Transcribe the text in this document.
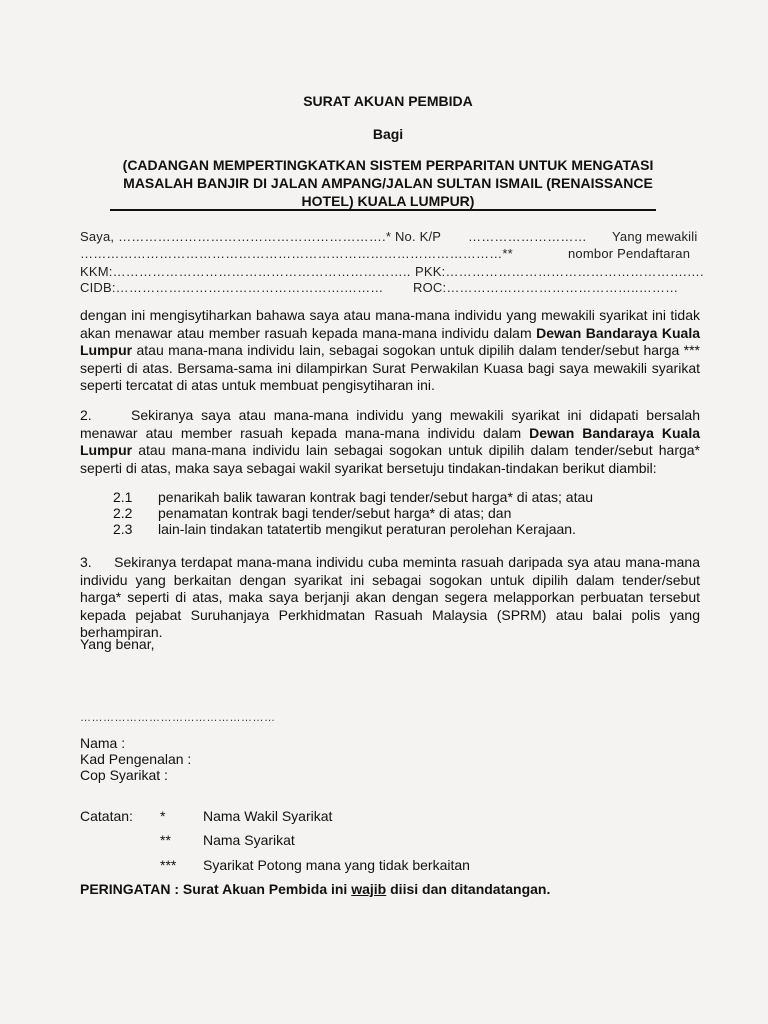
SURAT AKUAN PEMBIDA
Bagi
(CADANGAN MEMPERTINGKATKAN SISTEM PERPARITAN UNTUK MENGATASI
MASALAH BANJIR DI JALAN AMPANG/JALAN SULTAN ISMAIL (RENAISSANCE
HOTEL) KUALA LUMPUR)
Saya, …………………………………………………….* No. K/P ……………………… Yang mewakili
……………………………………………………………………………………**	nombor Pendaftaran
KKM:………………………………………………………….. PKK:……………………………………………….….
CIDB:…………………………………………….……… ROC:……………………………………..………
dengan ini mengisytiharkan bahawa saya atau mana-mana individu yang mewakili syarikat ini tidak akan menawar atau member rasuah kepada mana-mana individu dalam Dewan Bandaraya Kuala Lumpur atau mana-mana individu lain, sebagai sogokan untuk dipilih dalam tender/sebut harga *** seperti di atas. Bersama-sama ini dilampirkan Surat Perwakilan Kuasa bagi saya mewakili syarikat seperti tercatat di atas untuk membuat pengisytiharan ini.
2.	Sekiranya saya atau mana-mana individu yang mewakili syarikat ini didapati bersalah menawar atau member rasuah kepada mana-mana individu dalam Dewan Bandaraya Kuala Lumpur atau mana-mana individu lain sebagai sogokan untuk dipilih dalam tender/sebut harga* seperti di atas, maka saya sebagai wakil syarikat bersetuju tindakan-tindakan berikut diambil:
2.1 penarikah balik tawaran kontrak bagi tender/sebut harga* di atas; atau
2.2 penamatan kontrak bagi tender/sebut harga* di atas; dan
2.3 lain-lain tindakan tatatertib mengikut peraturan perolehan Kerajaan.
3. Sekiranya terdapat mana-mana individu cuba meminta rasuah daripada sya atau mana-mana individu yang berkaitan dengan syarikat ini sebagai sogokan untuk dipilih dalam tender/sebut harga* seperti di atas, maka saya berjanji akan dengan segera melapporkan perbuatan tersebut kepada pejabat Suruhanjaya Perkhidmatan Rasuah Malaysia (SPRM) atau balai polis yang berhampiran.
Yang benar,
……………………………………………
Nama :
Kad Pengenalan :
Cop Syarikat :
Catatan: *	Nama Wakil Syarikat
** Nama Syarikat
*** Syarikat Potong mana yang tidak berkaitan
PERINGATAN : Surat Akuan Pembida ini wajib diisi dan ditandatangan.
